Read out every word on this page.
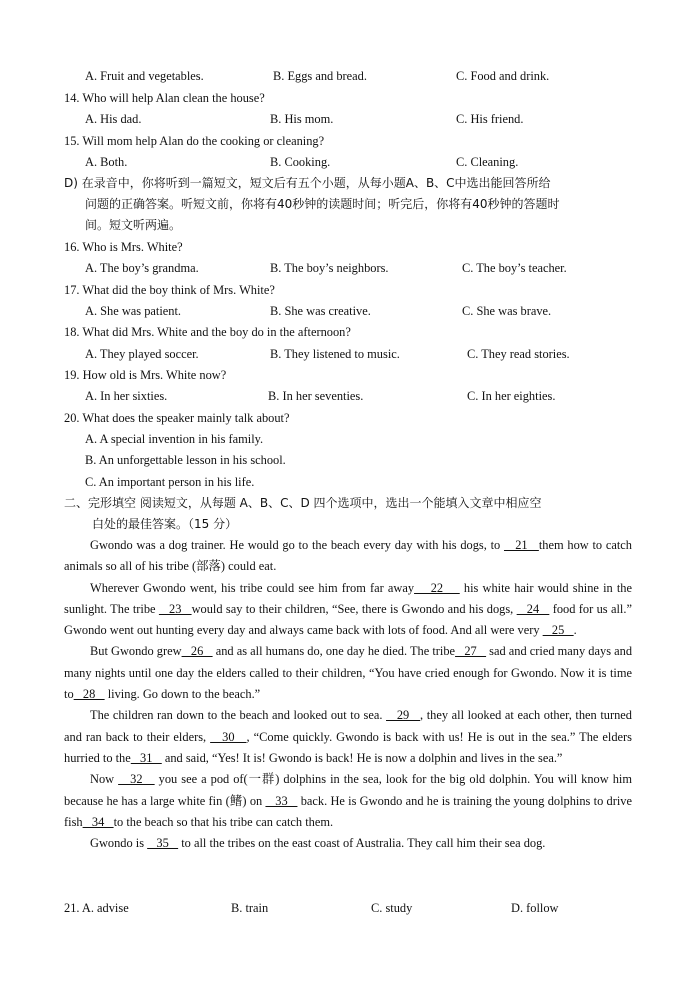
A. Fruit and vegetables.	B. Eggs and bread.	C. Food and drink.
14. Who will help Alan clean the house?
A. His dad.	B. His mom.	C. His friend.
15. Will mom help Alan do the cooking or cleaning?
A. Both.	B. Cooking.	C. Cleaning.
D) 在录音中，你将听到一篇短文，短文后有五个小题，从每小题A、B、C中选出能回答所给
问题的正确答案。听短文前，你将有40秒钟的读题时间；听完后，你将有40秒钟的答题时
间。短文听两遍。
16. Who is Mrs. White?
A. The boy’s grandma.	B. The boy’s neighbors.	C. The boy’s teacher.
17. What did the boy think of Mrs. White?
A. She was patient.	B. She was creative.	C. She was brave.
18. What did Mrs. White and the boy do in the afternoon?
A. They played soccer.	B. They listened to music.	C. They read stories.
19. How old is Mrs. White now?
A. In her sixties.	B. In her seventies.	C. In her eighties.
20. What does the speaker mainly talk about?
A. A special invention in his family.
B. An unforgettable lesson in his school.
C. An important person in his life.
二、完形填空 阅读短文，从每题 A、B、C、D 四个选项中，选出一个能填入文章中相应空
白处的最佳答案。（15 分）

Gwondo was a dog trainer. He would go to the beach every day with his dogs, to    21   them how to catch animals so all of his tribe (部落) could eat.

Wherever Gwondo went, his tribe could see him from far away    22     his white hair would shine in the sunlight. The tribe    23   would say to their children, “See, there is Gwondo and his dogs,    24    food for us all.” Gwondo went out hunting every day and always came back with lots of food. And all were very    25   .

But Gwondo grew   26    and as all humans do, one day he died. The tribe   27    sad and cried many days and many nights until one day the elders called to their children, “You have cried enough for Gwondo. Now it is time to   28    living. Go down to the beach.”

The children ran down to the beach and looked out to sea.    29   , they all looked at each other, then turned and ran back to their elders,    30   , “Come quickly. Gwondo is back with us! He is out in the sea.” The elders hurried to the   31    and said, “Yes! It is! Gwondo is back! He is now a dolphin and lives in the sea.”

Now    32    you see a pod of(一群) dolphins in the sea, look for the big old dolphin. You will know him because he has a large white fin (鳍) on    33    back. He is Gwondo and he is training the young dolphins to drive fish   34   to the beach so that his tribe can catch them.

Gwondo is    35    to all the tribes on the east coast of Australia. They call him their sea dog.

21. A. advise	B. train	C. study	D. follow
